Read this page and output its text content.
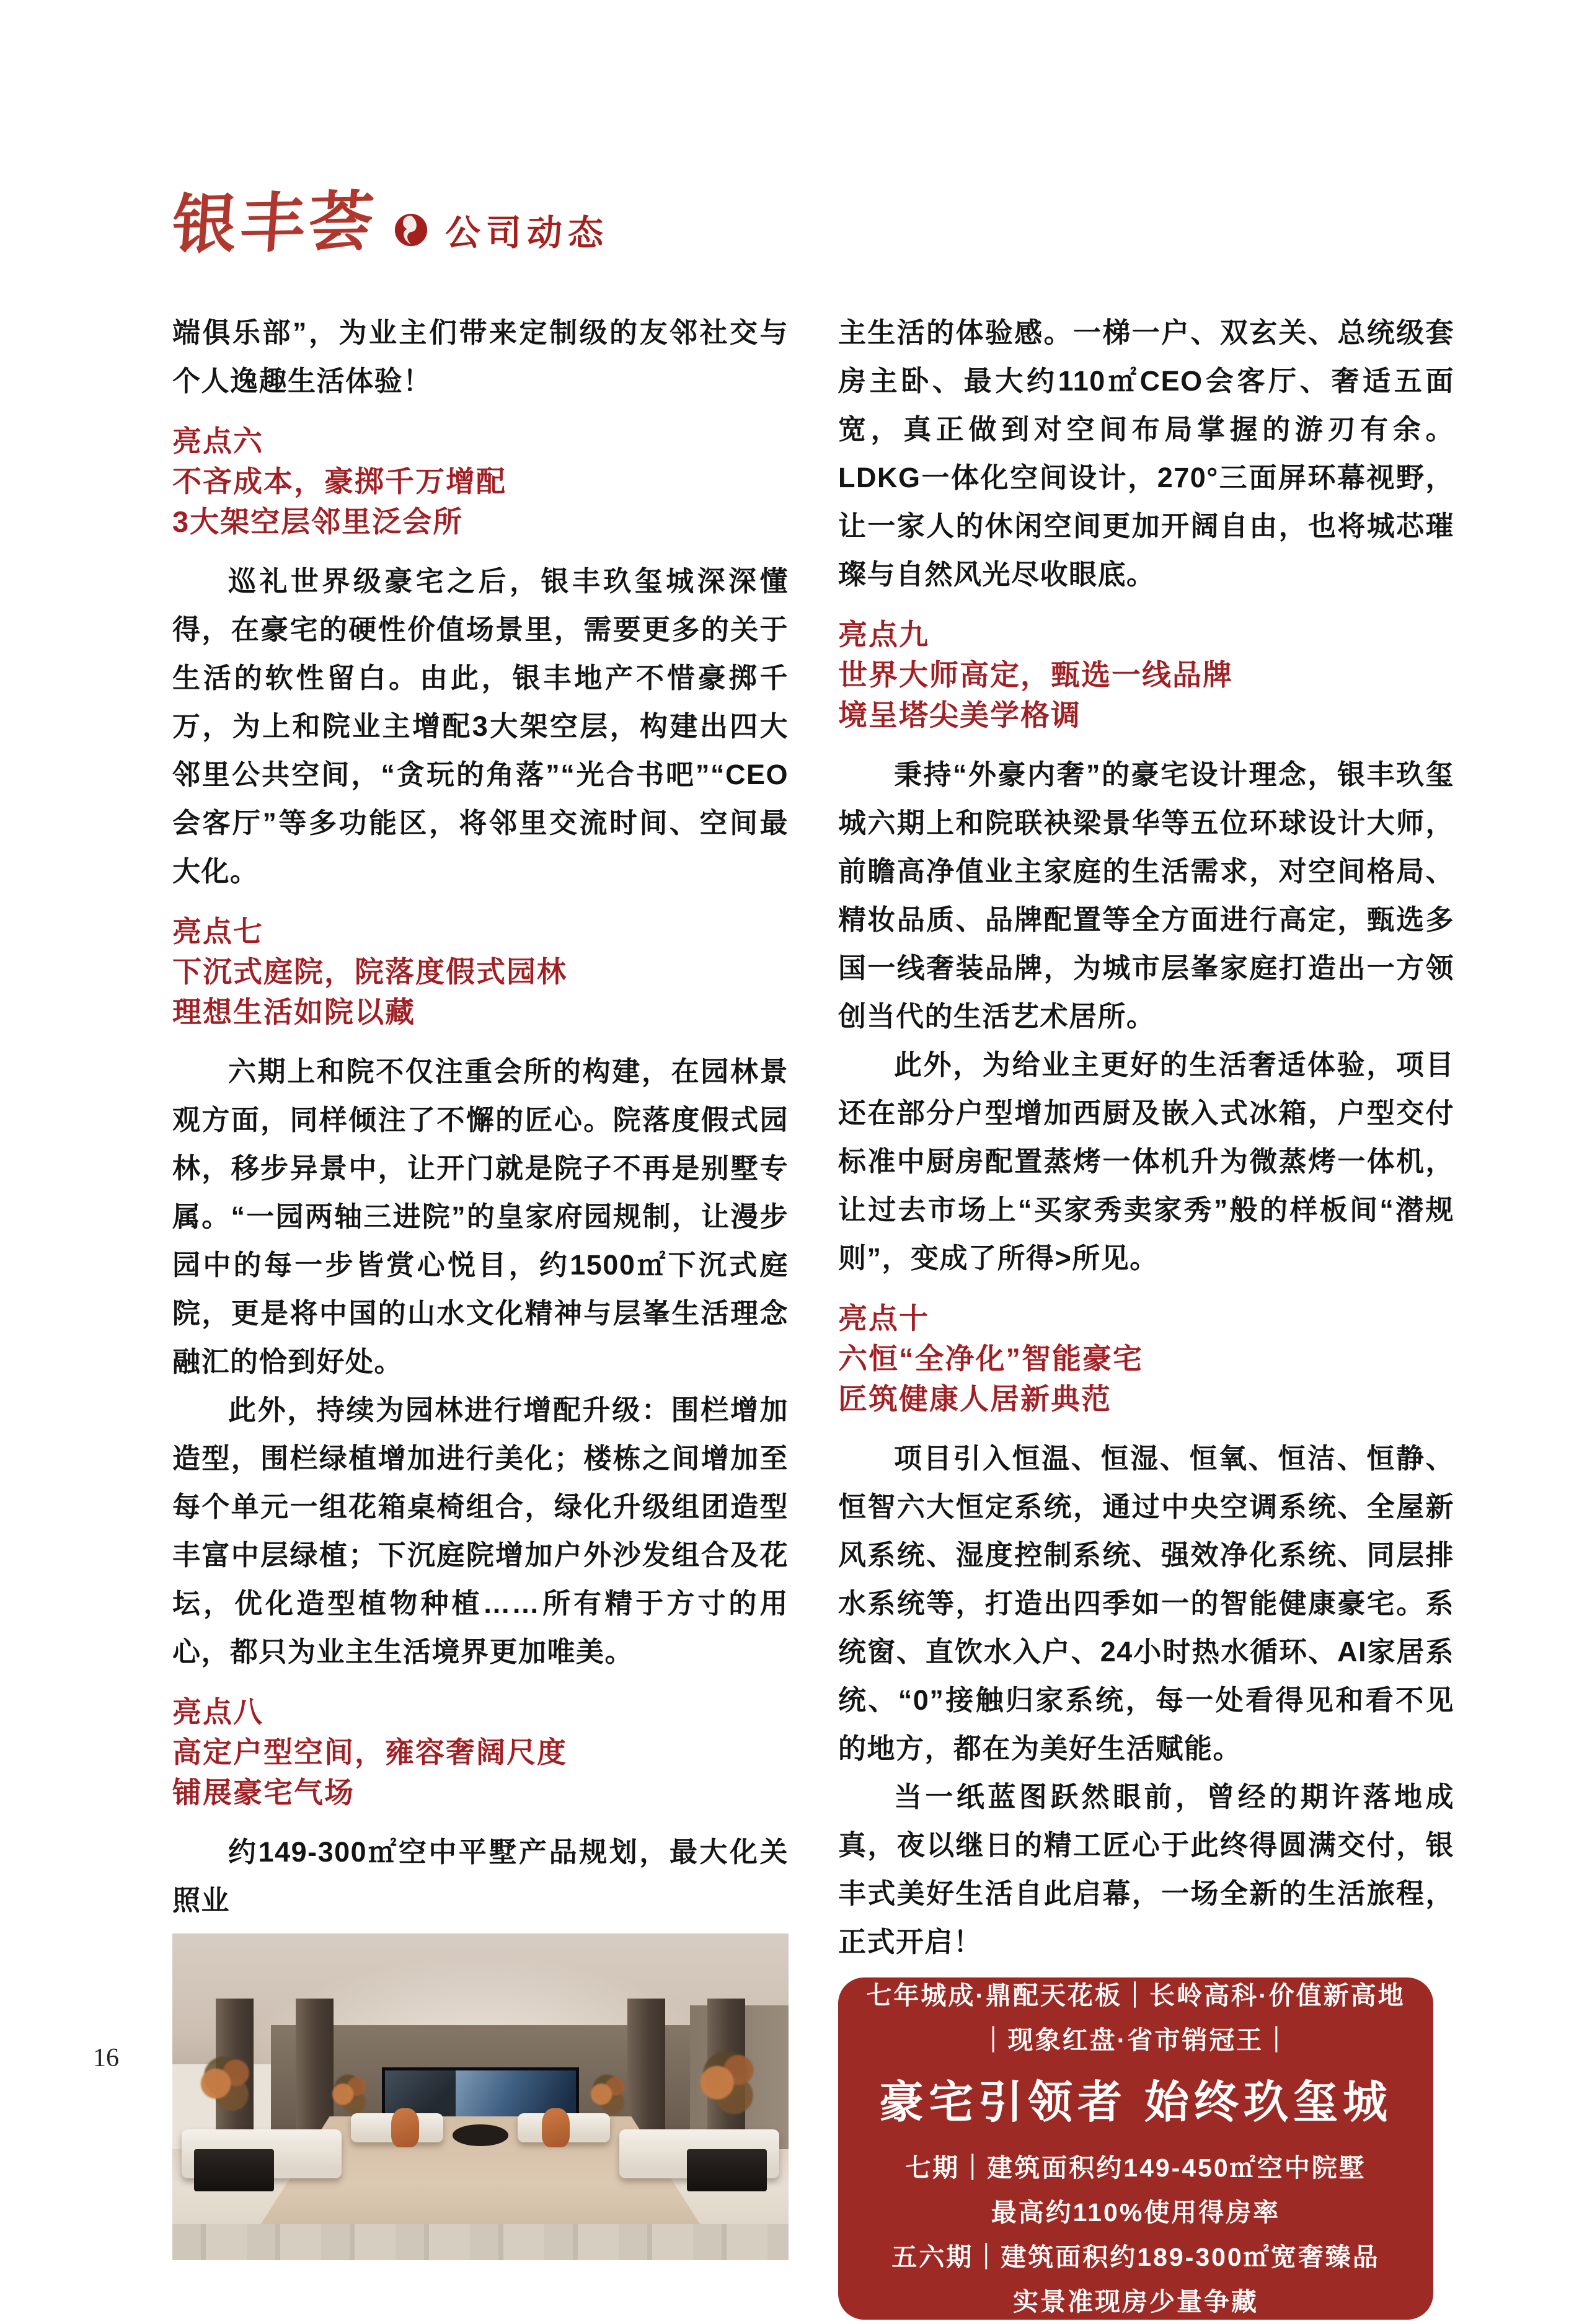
银丰荟 公司动态

端俱乐部”，为业主们带来定制级的友邻社交与个人逸趣生活体验！

亮点六
不吝成本，豪掷千万增配
3大架空层邻里泛会所

巡礼世界级豪宅之后，银丰玖玺城深深懂得，在豪宅的硬性价值场景里，需要更多的关于生活的软性留白。由此，银丰地产不惜豪掷千万，为上和院业主增配3大架空层，构建出四大邻里公共空间，“贪玩的角落”“光合书吧”“CEO会客厅”等多功能区，将邻里交流时间、空间最大化。

亮点七
下沉式庭院，院落度假式园林
理想生活如院以藏

六期上和院不仅注重会所的构建，在园林景观方面，同样倾注了不懈的匠心。院落度假式园林，移步异景中，让开门就是院子不再是别墅专属。“一园两轴三进院”的皇家府园规制，让漫步园中的每一步皆赏心悦目，约1500㎡下沉式庭院，更是将中国的山水文化精神与层峯生活理念融汇的恰到好处。

此外，持续为园林进行增配升级：围栏增加造型，围栏绿植增加进行美化；楼栋之间增加至每个单元一组花箱桌椅组合，绿化升级组团造型丰富中层绿植；下沉庭院增加户外沙发组合及花坛，优化造型植物种植……所有精于方寸的用心，都只为业主生活境界更加唯美。

亮点八
高定户型空间，雍容奢阔尺度
铺展豪宅气场

约149-300㎡空中平墅产品规划，最大化关照业

主生活的体验感。一梯一户、双玄关、总统级套房主卧、最大约110㎡CEO会客厅、奢适五面宽，真正做到对空间布局掌握的游刃有余。LDKG一体化空间设计，270°三面屏环幕视野，让一家人的休闲空间更加开阔自由，也将城芯璀璨与自然风光尽收眼底。

亮点九
世界大师高定，甄选一线品牌
境呈塔尖美学格调

秉持“外豪内奢”的豪宅设计理念，银丰玖玺城六期上和院联袂梁景华等五位环球设计大师，前瞻高净值业主家庭的生活需求，对空间格局、精妆品质、品牌配置等全方面进行高定，甄选多国一线奢装品牌，为城市层峯家庭打造出一方领创当代的生活艺术居所。

此外，为给业主更好的生活奢适体验，项目还在部分户型增加西厨及嵌入式冰箱，户型交付标准中厨房配置蒸烤一体机升为微蒸烤一体机，让过去市场上“买家秀卖家秀”般的样板间“潜规则”，变成了所得>所见。

亮点十
六恒“全净化”智能豪宅
匠筑健康人居新典范

项目引入恒温、恒湿、恒氧、恒洁、恒静、恒智六大恒定系统，通过中央空调系统、全屋新风系统、湿度控制系统、强效净化系统、同层排水系统等，打造出四季如一的智能健康豪宅。系统窗、直饮水入户、24小时热水循环、AI家居系统、“0”接触归家系统，每一处看得见和看不见的地方，都在为美好生活赋能。

当一纸蓝图跃然眼前，曾经的期许落地成真，夜以继日的精工匠心于此终得圆满交付，银丰式美好生活自此启幕，一场全新的生活旅程，正式开启！

七年城成·鼎配天花板｜长岭高科·价值新高地
｜现象红盘·省市销冠王｜
豪宅引领者 始终玖玺城
七期｜建筑面积约149-450㎡空中院墅
最高约110%使用得房率
五六期｜建筑面积约189-300㎡宽奢臻品
实景准现房少量争藏
16
